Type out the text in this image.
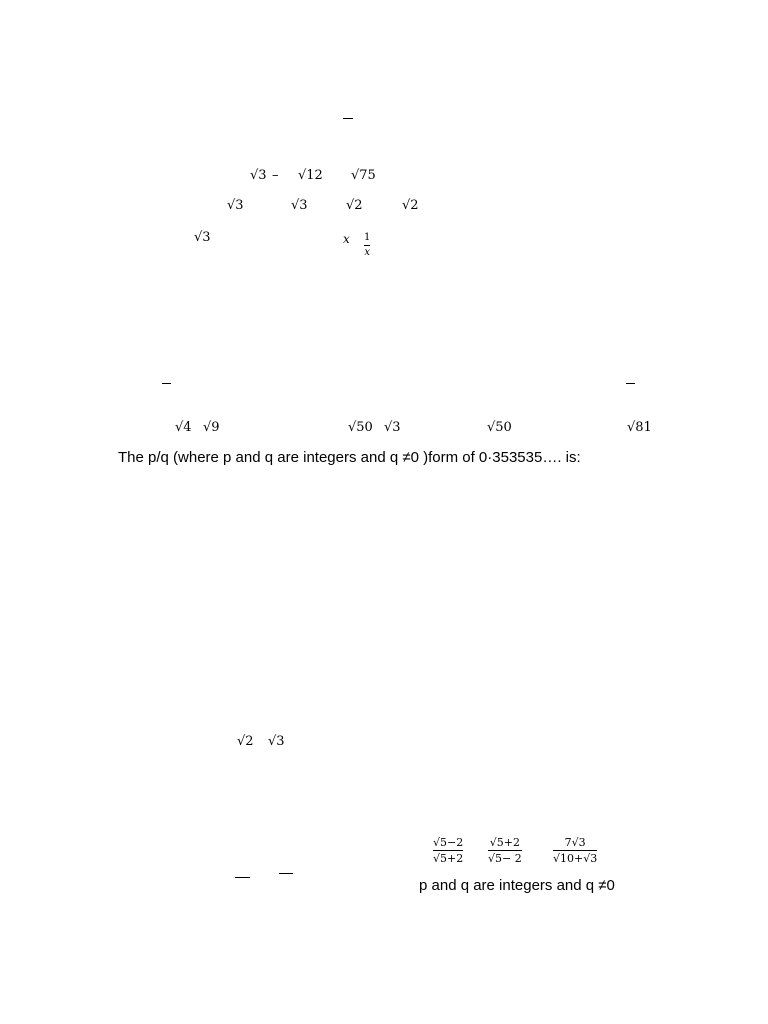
√3 – √12 √75
√3	√3	√2	√2
√3	x $\frac{1}{x}$
√4 √9	√50 √3	√50	√81
The p/q (where p and q are integers and q ≠0 )form of 0·353535…. is:
√2 √3
$\frac{√5-2}{√5+2} \frac{√5+2}{√5- 2}$	$\frac{7√3}{√10+√3}$
p and q are integers and q ≠0
